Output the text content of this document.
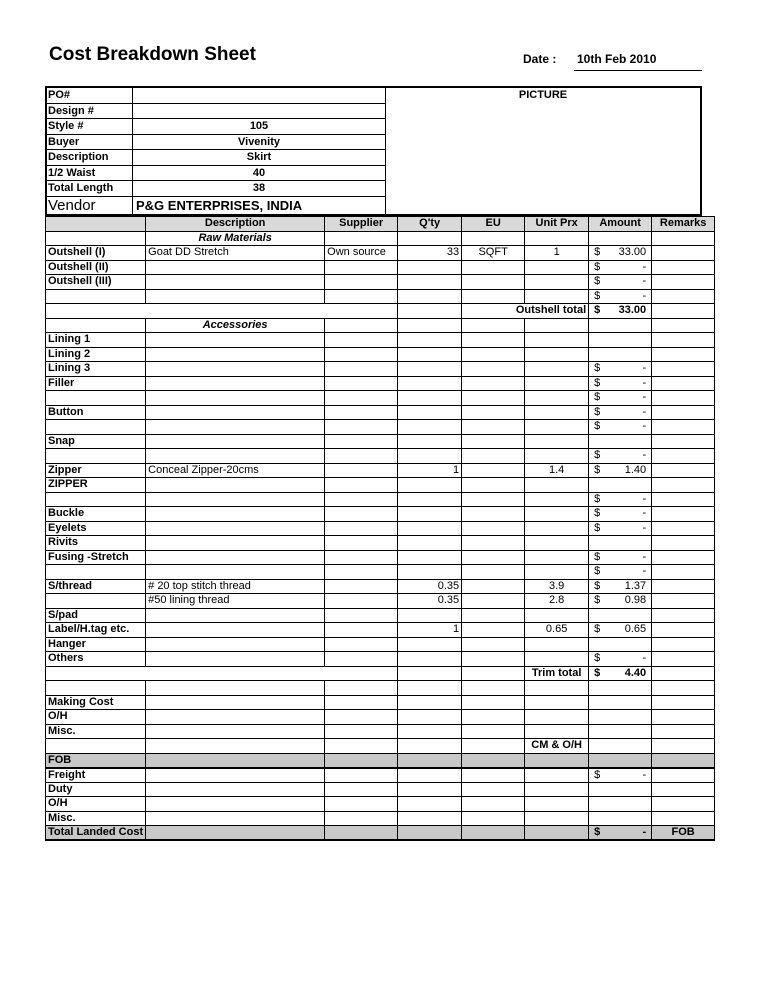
Cost Breakdown Sheet	Date : 10th Feb 2010
PO#
Design #
Style #	105
Buyer	Vivenity
Description	Skirt
1/2 Waist	40
Total Length	38
Vendor	P&G ENTERPRISES, INDIA
PICTURE
	Description	Supplier	Q'ty	EU	Unit Prx	Amount	Remarks
	Raw Materials						
Outshell (I)	Goat DD Stretch	Own source	33	SQFT	1	$ 33.00	

Outshell (II)						$ -	

Outshell (III)						$ -	

						$ -	

				Outshell total		$ 33.00	

	Accessories						
Lining 1							
Lining 2							
Lining 3						$ -	

Filler						$ -	

						$ -	

Button						$ -	

						$ -	

Snap							

						$ -	

Zipper	Conceal Zipper-20cms		1		1.4	$ 1.40	

ZIPPER							

						$ -	

Buckle						$ -	

Eyelets						$ -	

Rivits							
Fusing -Stretch						$ -	

						$ -	

S/thread	# 20 top stitch thread		0.35		3.9	$ 1.37	

	#50 lining thread		0.35		2.8	$ 0.98	

S/pad							
Label/H.tag etc.			1		0.65	$ 0.65	

Hanger							
Others						$ -	

					Trim total	$ 4.40	

Making Cost							
O/H							
Misc.							
					CM & O/H		
FOB							
Freight						$ -	

Duty							
O/H							
Misc.							
Total Landed Cost						$ -	FOB
